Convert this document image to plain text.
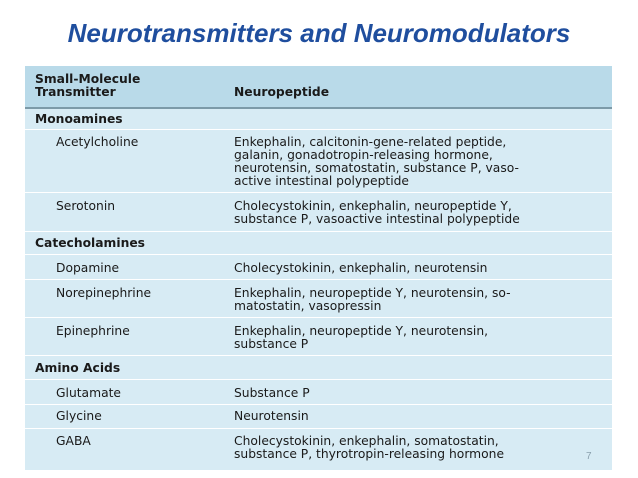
Neurotransmitters and Neuromodulators
Small-Molecule
Transmitter	Neuropeptide
Monoamines
Acetylcholine	Enkephalin, calcitonin-gene-related peptide,
galanin, gonadotropin-releasing hormone,
neurotensin, somatostatin, substance P, vaso-
active intestinal polypeptide
Serotonin	Cholecystokinin, enkephalin, neuropeptide Y,
substance P, vasoactive intestinal polypeptide
Catecholamines
Dopamine	Cholecystokinin, enkephalin, neurotensin
Norepinephrine	Enkephalin, neuropeptide Y, neurotensin, so-
matostatin, vasopressin
Epinephrine	Enkephalin, neuropeptide Y, neurotensin,
substance P
Amino Acids
Glutamate	Substance P
Glycine	Neurotensin
GABA	Cholecystokinin, enkephalin, somatostatin,
substance P, thyrotropin-releasing hormone	7
